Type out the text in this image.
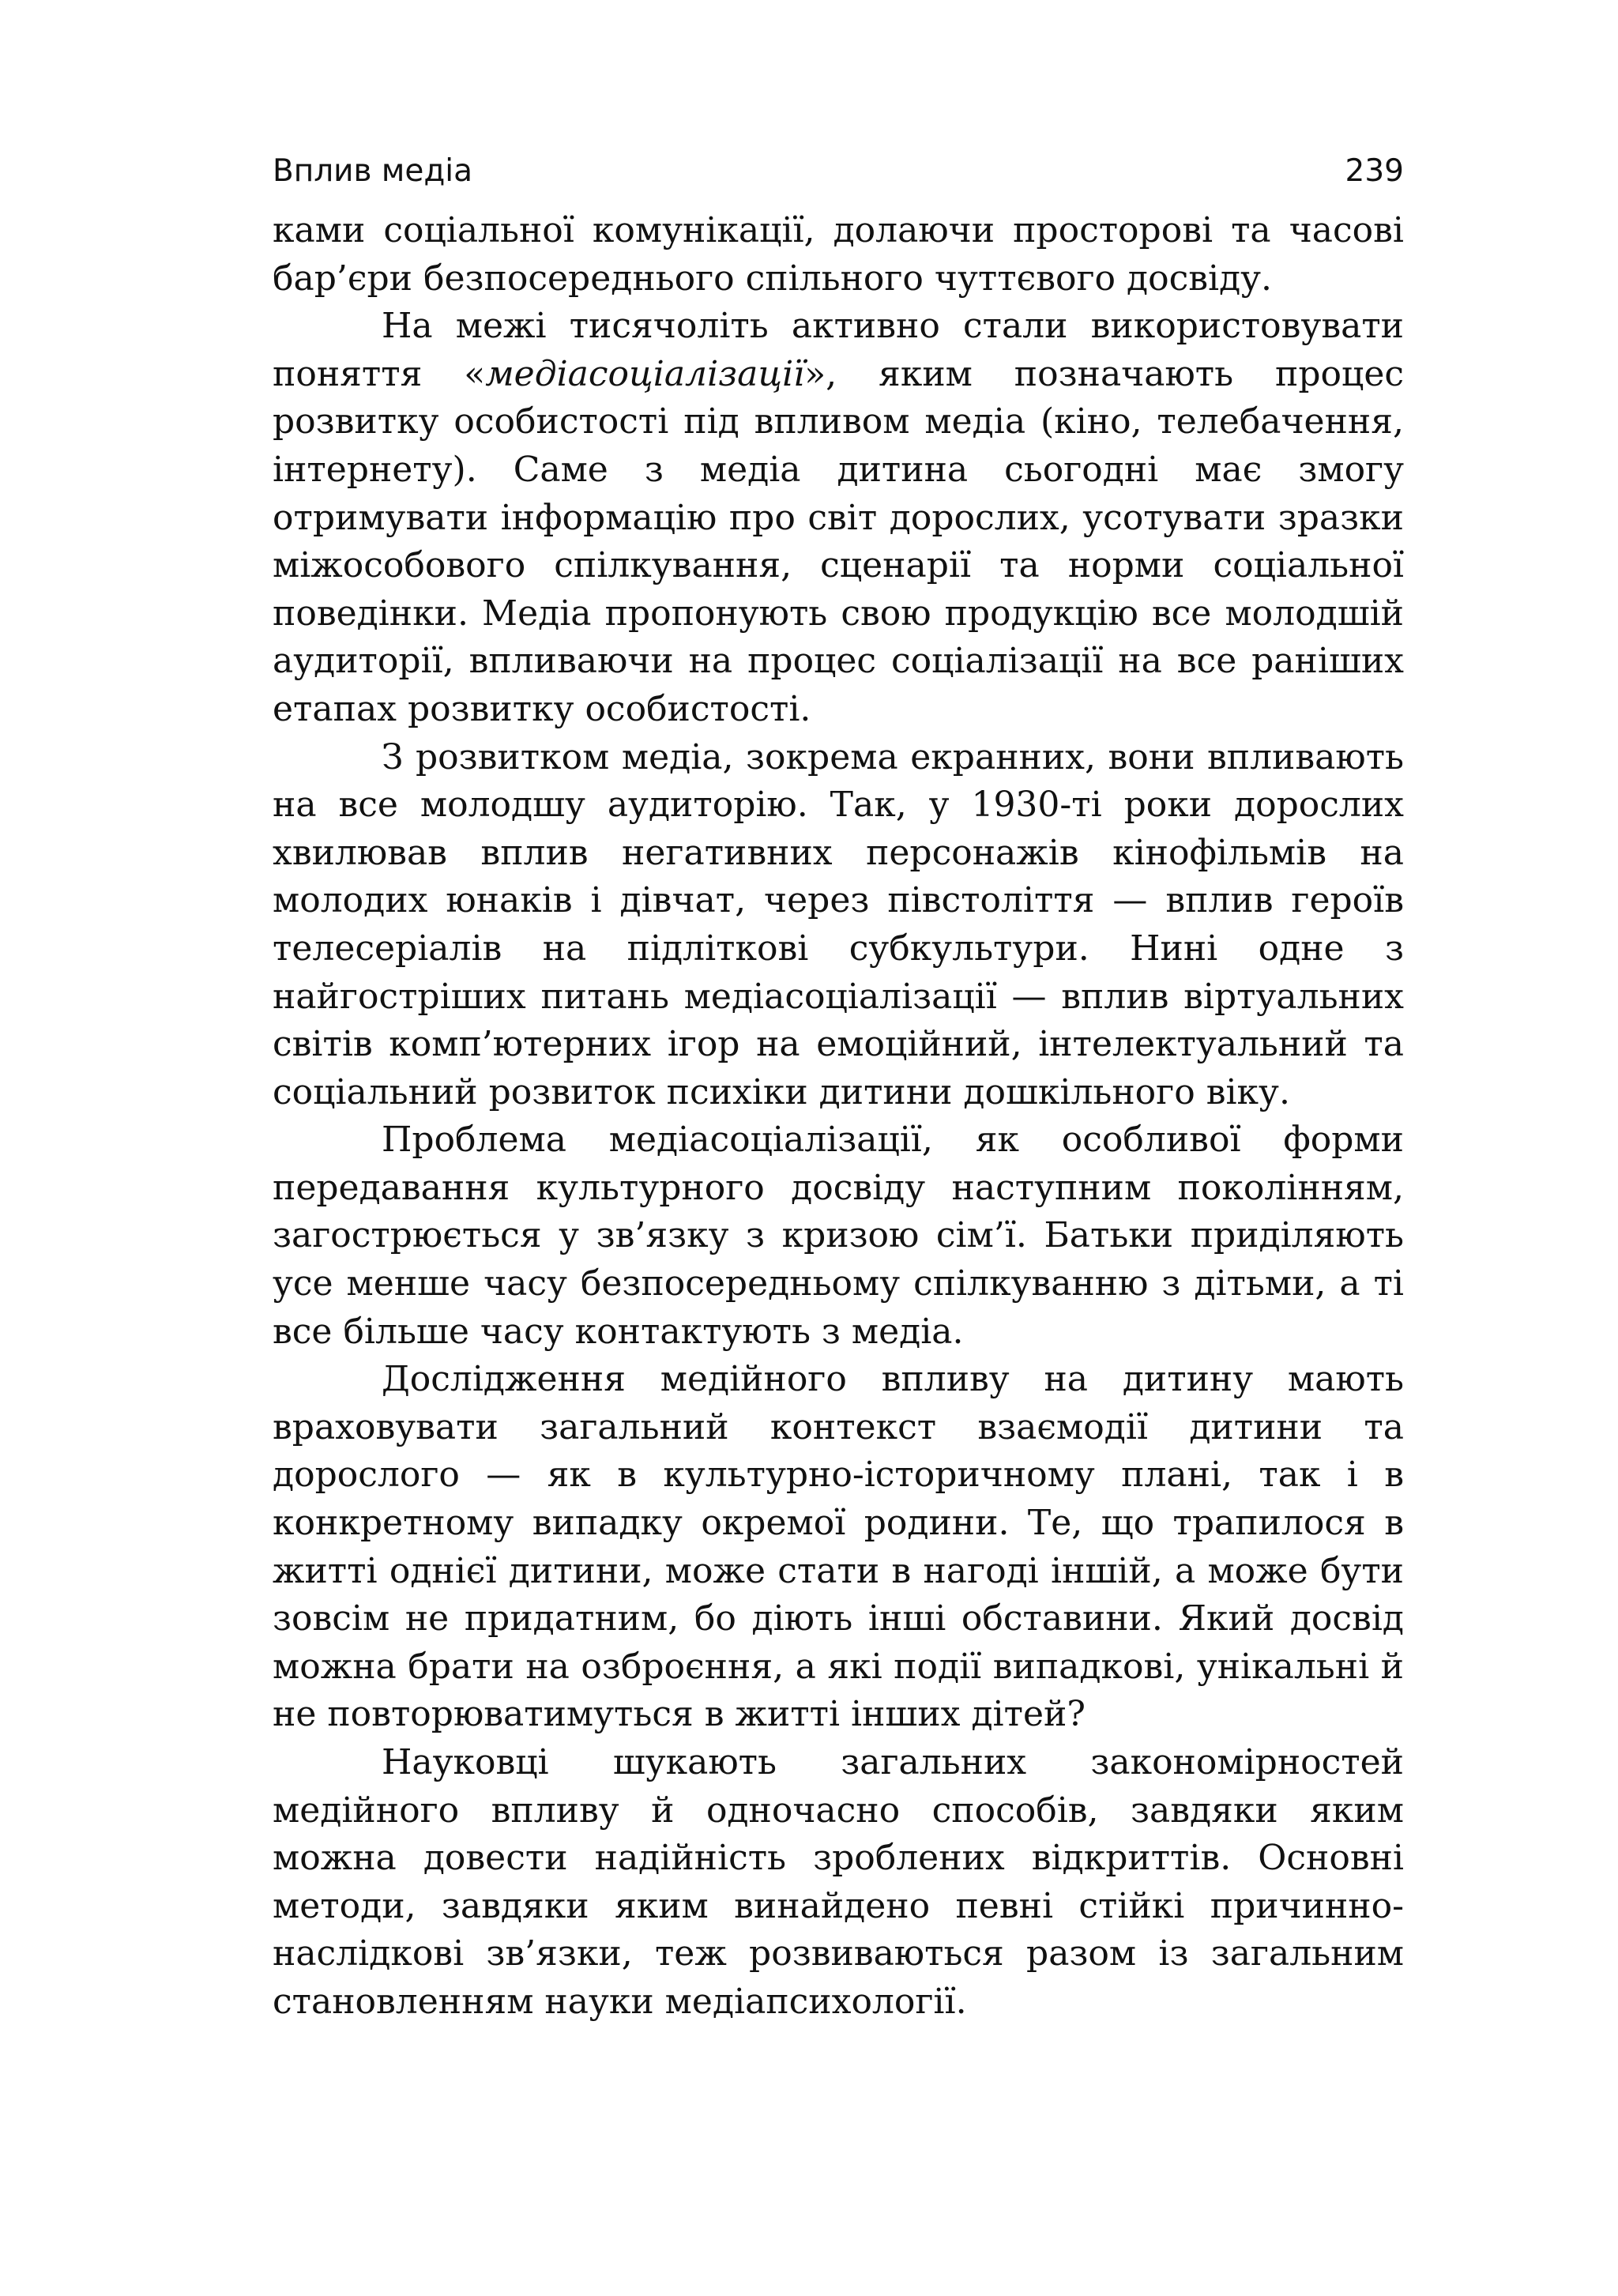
Вплив медіа	239

ками соціальної комунікації, долаючи просторові та часові бар’єри безпосереднього спільного чуттєвого досвіду.

На межі тисячоліть активно стали використовувати поняття «медіасоціалізації», яким позначають процес розвитку особистості під впливом медіа (кіно, телебачення, інтернету). Саме з медіа дитина сьогодні має змогу отримувати інформацію про світ дорослих, усотувати зразки міжособового спілкування, сценарії та норми соціальної поведінки. Медіа пропонують свою продукцію все молодшій аудиторії, впливаючи на процес соціалізації на все раніших етапах розвитку особистості.

З розвитком медіа, зокрема екранних, вони впливають на все молодшу аудиторію. Так, у 1930-ті роки дорослих хвилював вплив негативних персонажів кінофільмів на молодих юнаків і дівчат, через півстоліття — вплив героїв телесеріалів на підліткові субкультури. Нині одне з найгостріших питань медіасоціалізації — вплив віртуальних світів комп’ютерних ігор на емоційний, інтелектуальний та соціальний розвиток психіки дитини дошкільного віку.

Проблема медіасоціалізації, як особливої форми передавання культурного досвіду наступним поколінням, загострюється у зв’язку з кризою сім’ї. Батьки приділяють усе менше часу безпосередньому спілкуванню з дітьми, а ті все більше часу контактують з медіа.

Дослідження медійного впливу на дитину мають враховувати загальний контекст взаємодії дитини та дорослого — як в культурно-історичному плані, так і в конкретному випадку окремої родини. Те, що трапилося в житті однієї дитини, може стати в нагоді іншій, а може бути зовсім не придатним, бо діють інші обставини. Який досвід можна брати на озброєння, а які події випадкові, унікальні й не повторюватимуться в житті інших дітей?

Науковці шукають загальних закономірностей медійного впливу й одночасно способів, завдяки яким можна довести надійність зроблених відкриттів. Основні методи, завдяки яким винайдено певні стійкі причинно-наслідкові зв’язки, теж розвиваються разом із загальним становленням науки медіапсихології.
